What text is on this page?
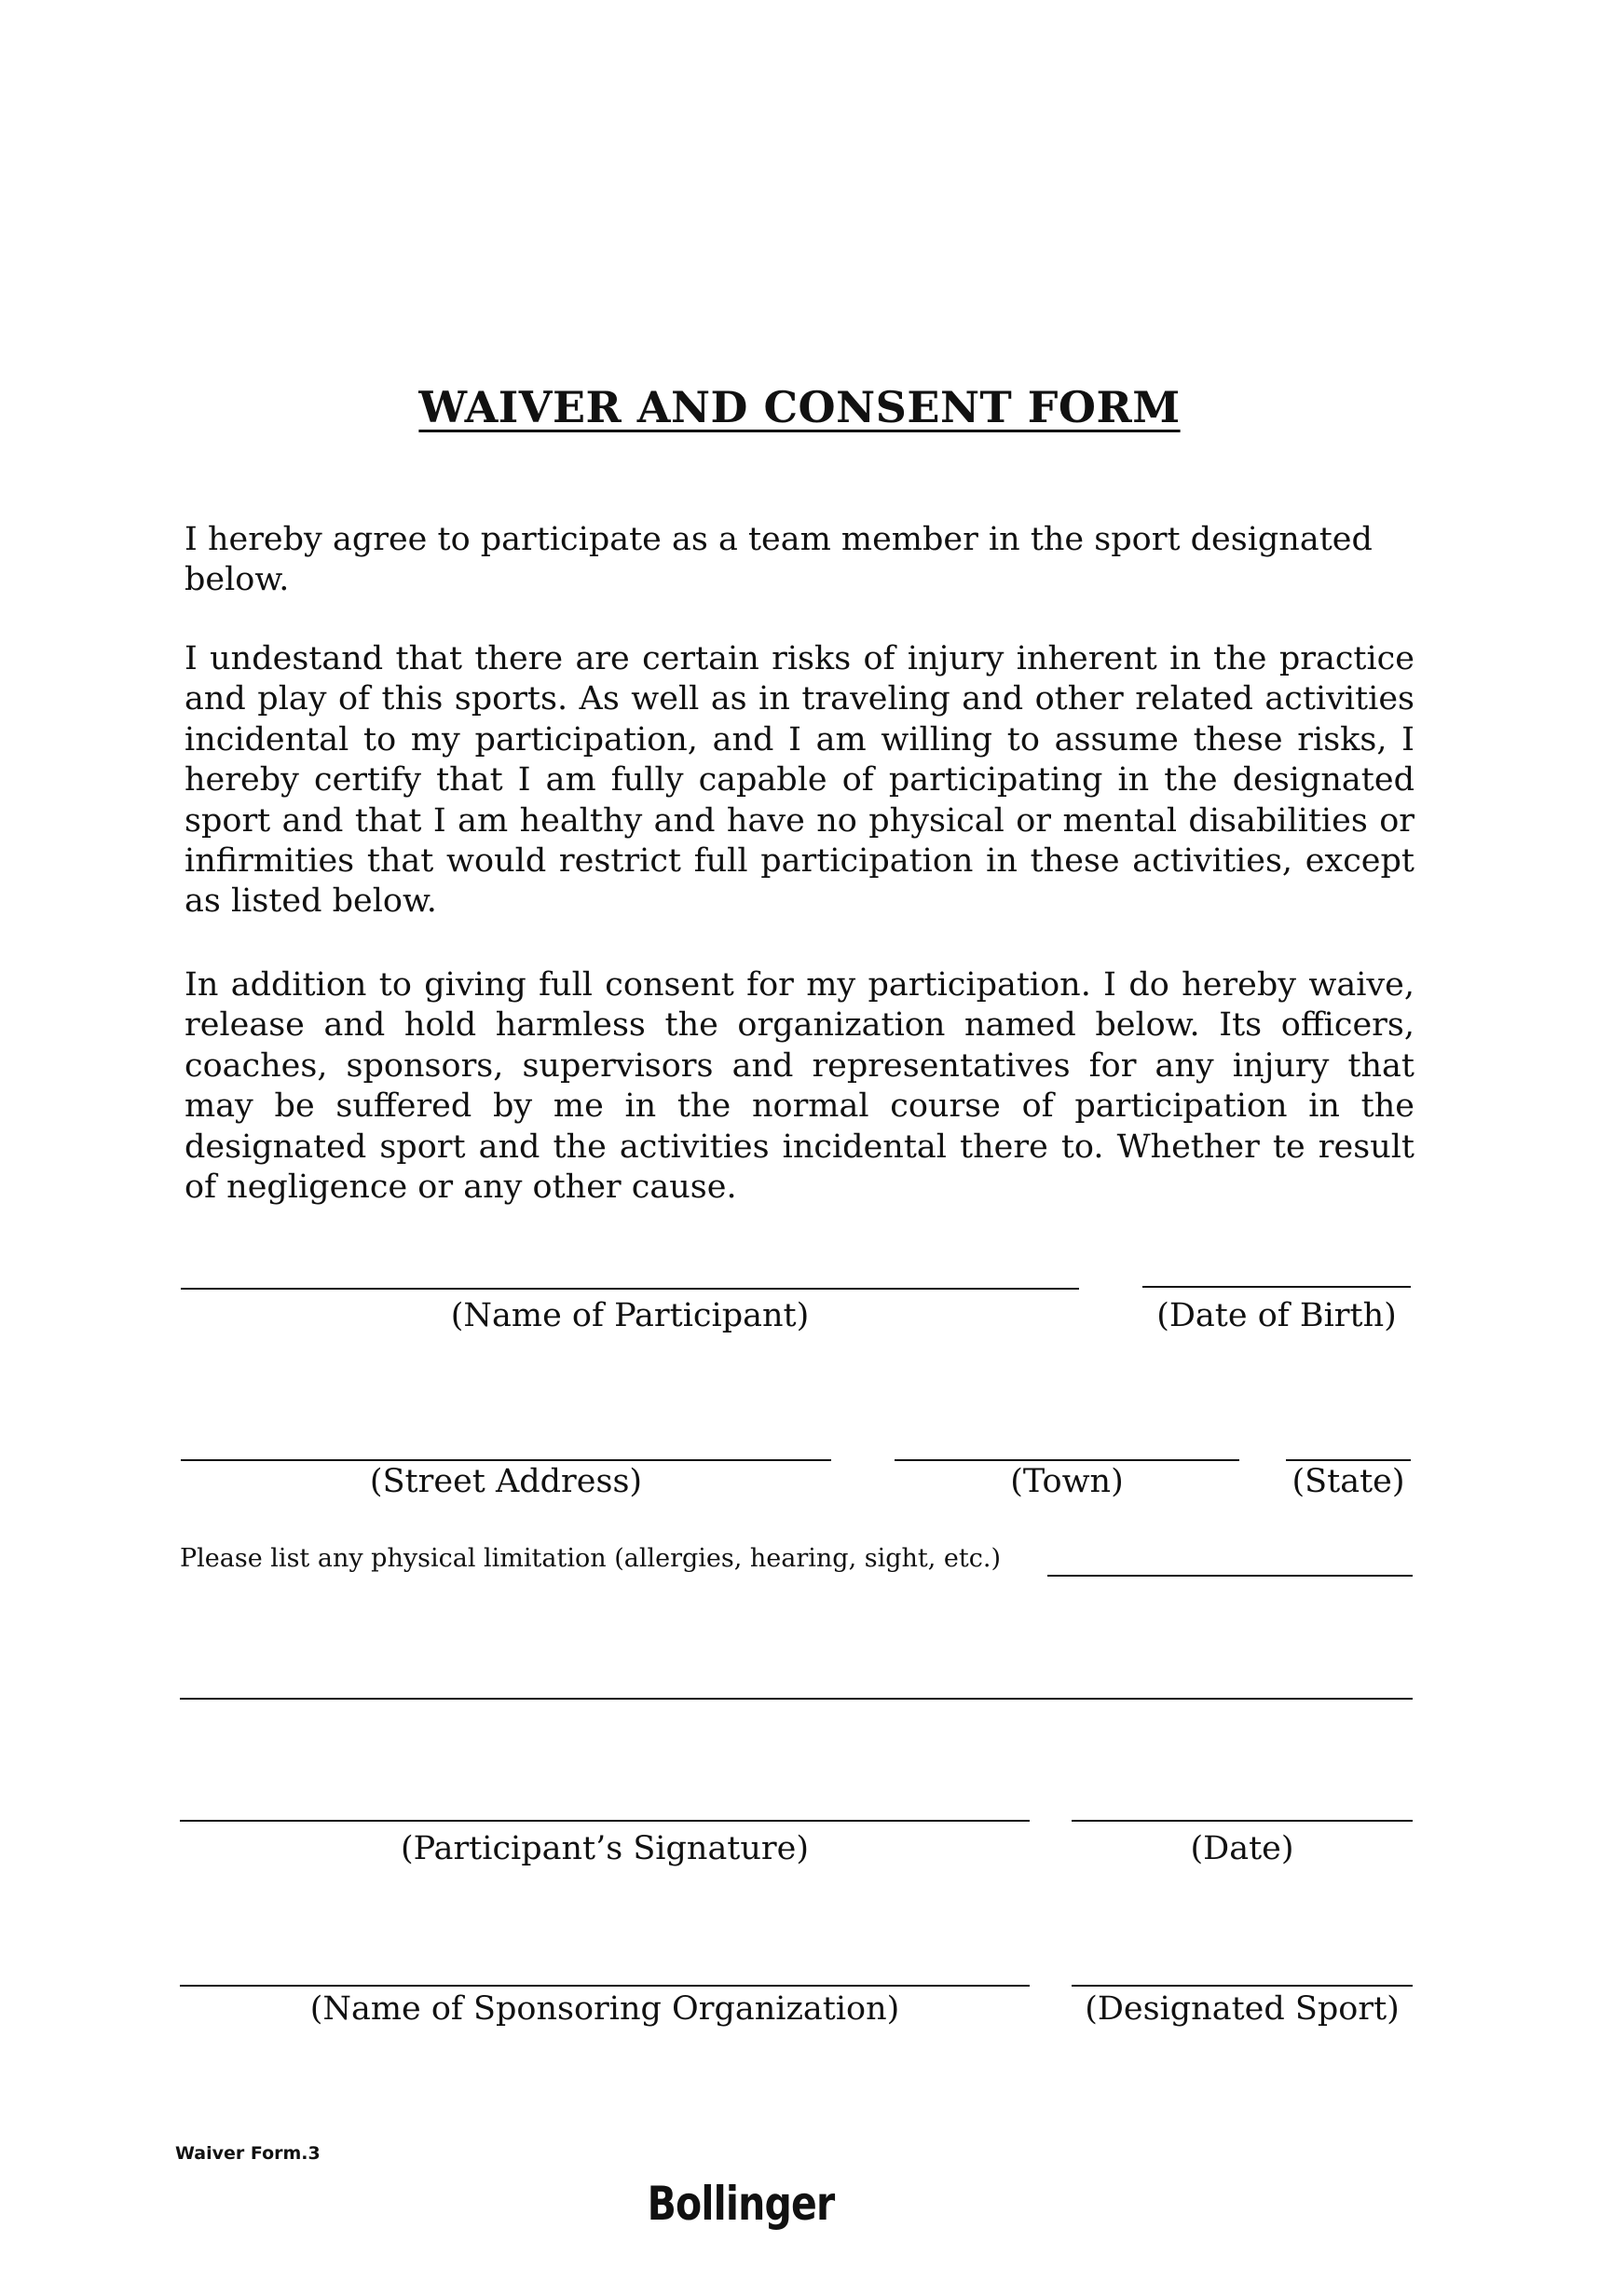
WAIVER AND CONSENT FORM

I hereby agree to participate as a team member in the sport designated below.

I undestand that there are certain risks of injury inherent in the practice and play of this sports. As well as in traveling and other related activities incidental to my participation, and I am willing to assume these risks, I hereby certify that I am fully capable of participating in the designated sport and that I am healthy and have no physical or mental disabilities or infirmities that would restrict full participation in these activities, except as listed below.

In addition to giving full consent for my participation. I do hereby waive, release and hold harmless the organization named below. Its officers, coaches, sponsors, supervisors and representatives for any injury that may be suffered by me in the normal course of participation in the designated sport and the activities incidental there to. Whether te result of negligence or any other cause.

(Name of Participant)	(Date of Birth)
(Street Address)	(Town)	(State)
Please list any physical limitation (allergies, hearing, sight, etc.)
(Participant’s Signature)	(Date)
(Name of Sponsoring Organization)	(Designated Sport)
Waiver Form.3
Bollinger
